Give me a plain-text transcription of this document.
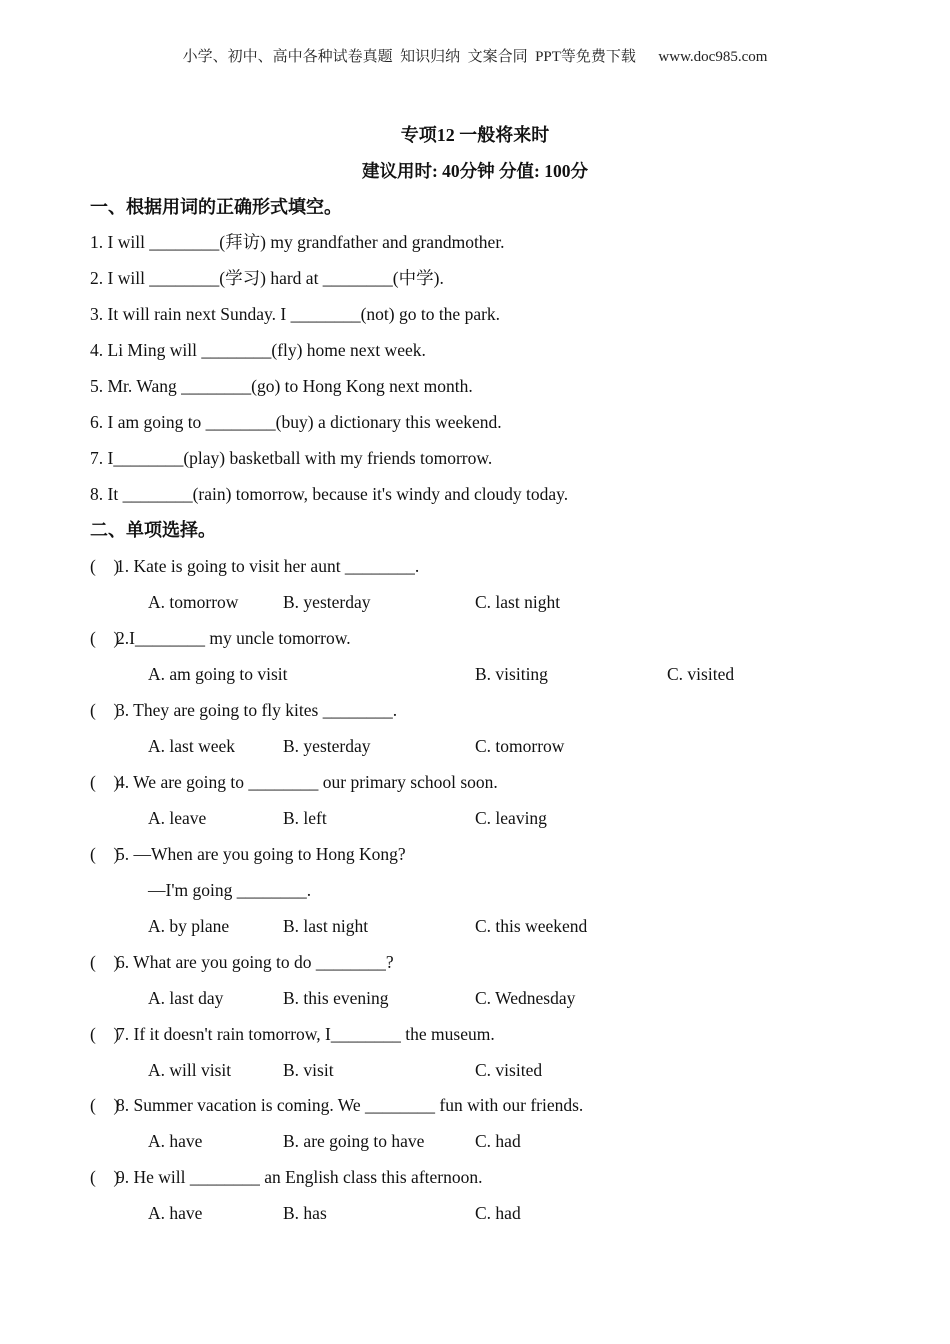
小学、初中、高中各种试卷真题  知识归纳  文案合同  PPT等免费下载      www.doc985.com
专项12 一般将来时
建议用时: 40分钟 分值: 100分
一、根据用词的正确形式填空。
1. I will ________(拜访) my grandfather and grandmother.
2. I will ________(学习) hard at ________(中学).
3. It will rain next Sunday. I ________(not) go to the park.
4. Li Ming will ________(fly) home next week.
5. Mr. Wang ________(go) to Hong Kong next month.
6. I am going to ________(buy) a dictionary this weekend.
7. I________(play) basketball with my friends tomorrow.
8. It ________(rain) tomorrow, because it's windy and cloudy today.
二、单项选择。
(    )
1. Kate is going to visit her aunt ________.
A. tomorrow	B. yesterday	C. last night
(    )
2.I________ my uncle tomorrow.
A. am going to visit	B. visiting	C. visited
(    )
3. They are going to fly kites ________.
A. last week	B. yesterday	C. tomorrow
(    )
4. We are going to ________ our primary school soon.
A. leave	B. left	C. leaving
(    )
5. —When are you going to Hong Kong?
—I'm going ________.
A. by plane	B. last night	C. this weekend
(    )
6. What are you going to do ________?
A. last day	B. this evening	C. Wednesday
(    )
7. If it doesn't rain tomorrow, I________ the museum.
A. will visit	B. visit	C. visited
(    )
8. Summer vacation is coming. We ________ fun with our friends.
A. have	B. are going to have	C. had
(    )
9. He will ________ an English class this afternoon.
A. have	B. has	C. had
